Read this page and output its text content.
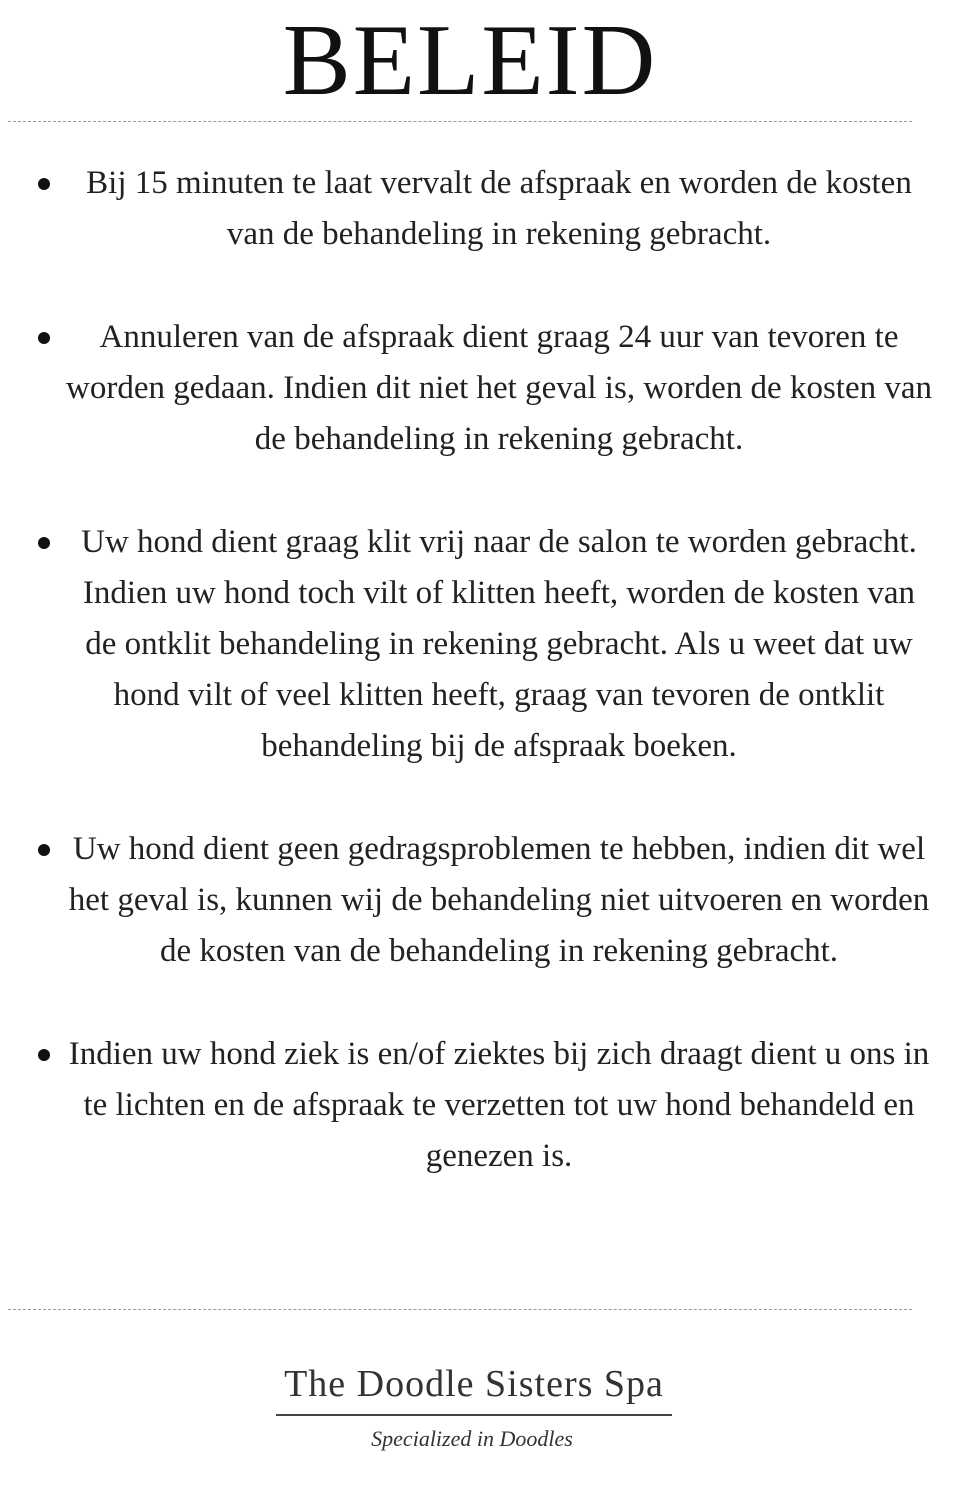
BELEID
Bij 15 minuten te laat vervalt de afspraak en worden de kosten van de behandeling in rekening gebracht.
Annuleren van de afspraak dient graag 24 uur van tevoren te worden gedaan. Indien dit niet het geval is, worden de kosten van de behandeling in rekening gebracht.
Uw hond dient graag klit vrij naar de salon te worden gebracht. Indien uw hond toch vilt of klitten heeft, worden de kosten van de ontklit behandeling in rekening gebracht. Als u weet dat uw hond vilt of veel klitten heeft, graag van tevoren de ontklit behandeling bij de afspraak boeken.
Uw hond dient geen gedragsproblemen te hebben, indien dit wel het geval is, kunnen wij de behandeling niet uitvoeren en worden de kosten van de behandeling in rekening gebracht.
Indien uw hond ziek is en/of ziektes bij zich draagt dient u ons in te lichten en de afspraak te verzetten tot uw hond behandeld en genezen is.
The Doodle Sisters Spa
Specialized in Doodles
